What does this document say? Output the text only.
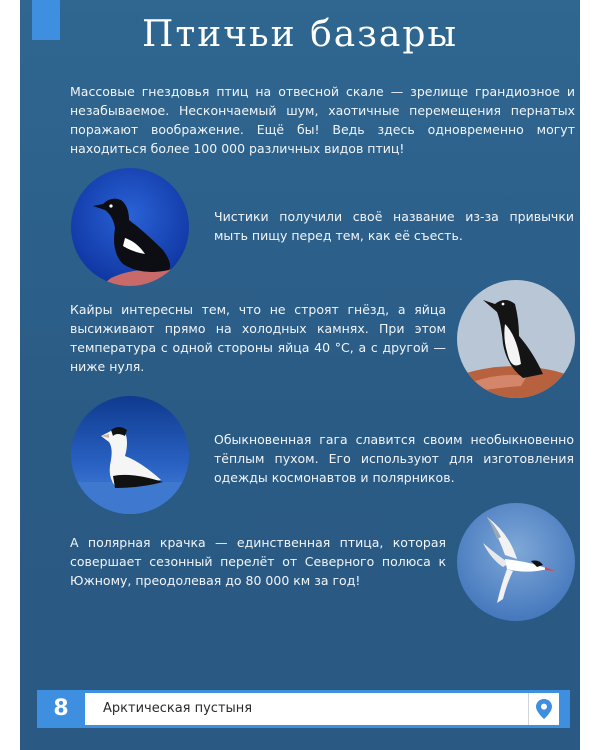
Птичьи базары

Массовые гнездовья птиц на отвесной скале — зрелище грандиозное и незабываемое. Нескончаемый шум, хаотичные перемещения пернатых поражают воображение. Ещё бы! Ведь здесь одновременно могут находиться более 100 000 различных видов птиц!

Чистики получили своё название из-за привычки мыть пищу перед тем, как её съесть.

Кайры интересны тем, что не строят гнёзд, а яйца высиживают прямо на холодных камнях. При этом температура с одной стороны яйца 40 °С, а с другой — ниже нуля.

Обыкновенная гага славится своим необыкновенно тёплым пухом. Его используют для изготовления одежды космонавтов и полярников.

А полярная крачка — единственная птица, которая совершает сезонный перелёт от Северного полюса к Южному, преодолевая до 80 000 км за год!

8	Арктическая пустыня
